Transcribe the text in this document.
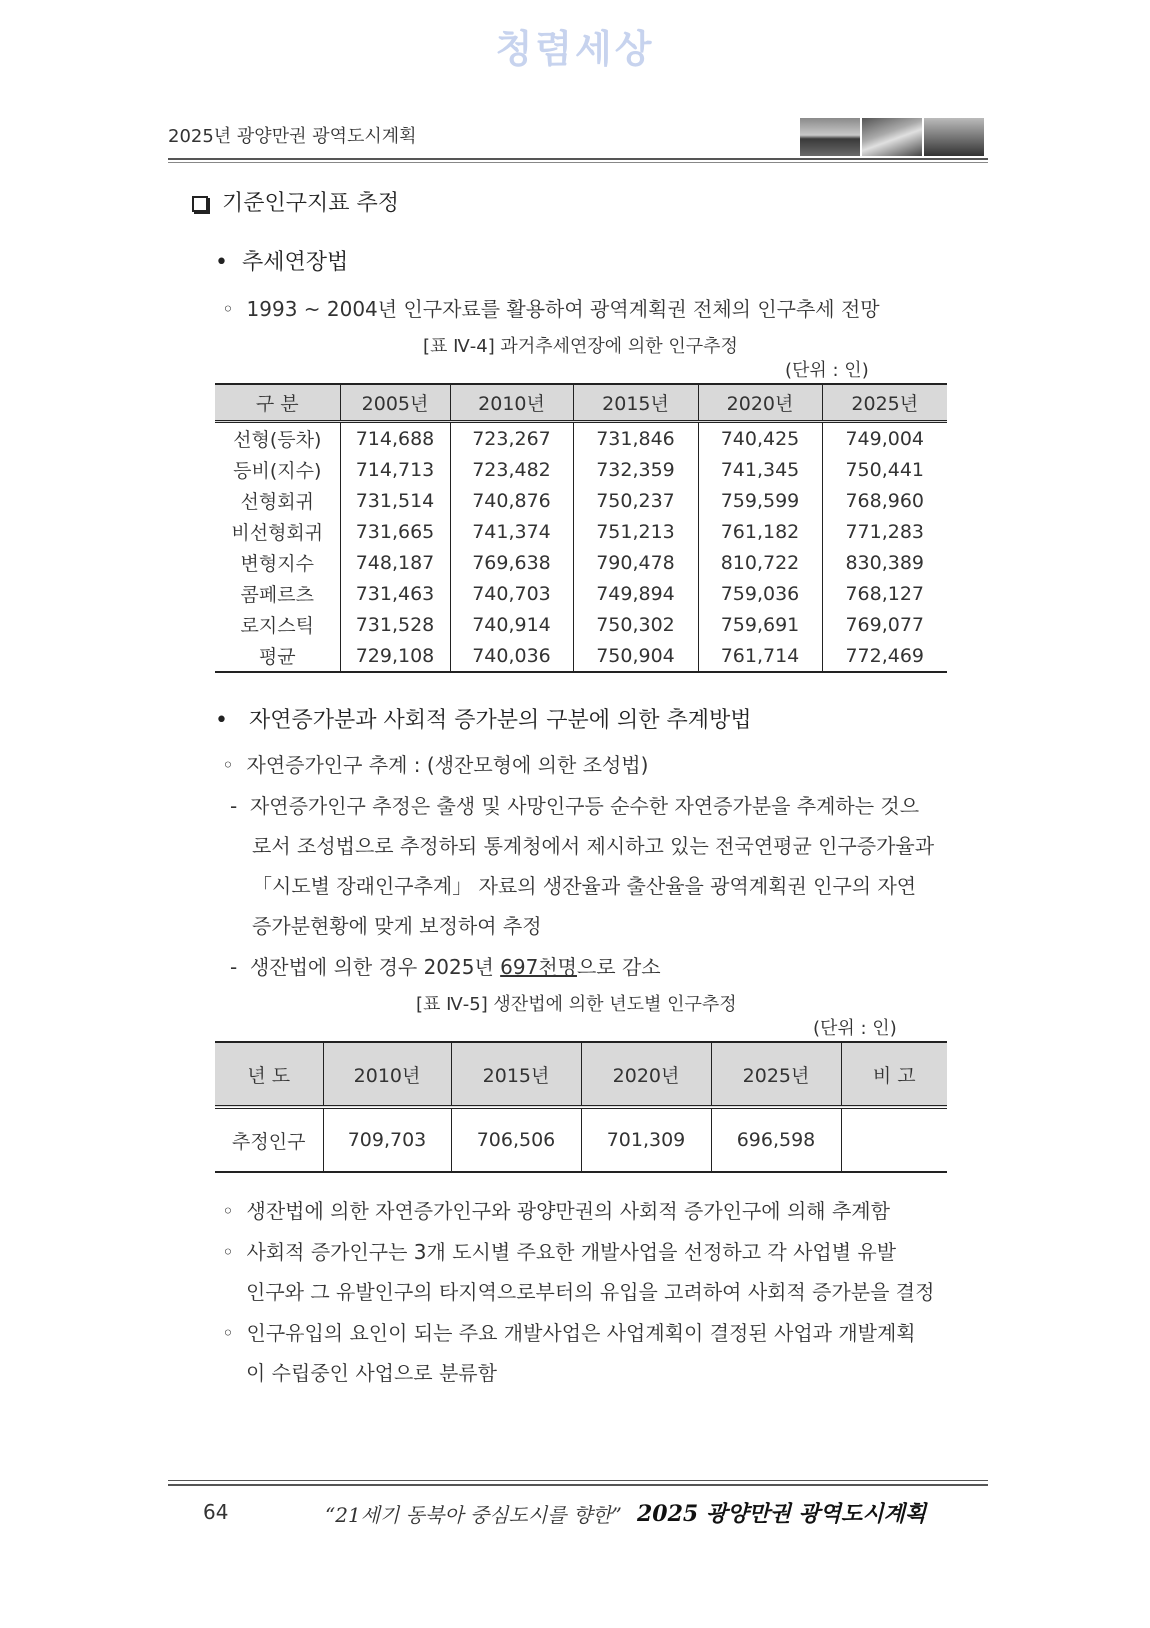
청렴세상
2025년 광양만권 광역도시계획
기준인구지표 추정
• 추세연장법
◦ 1993 ~ 2004년 인구자료를 활용하여 광역계획권 전체의 인구추세 전망
[표 Ⅳ-4] 과거추세연장에 의한 인구추정
(단위 : 인)
구 분	2005년	2010년	2015년	2020년	2025년
선형(등차)	714,688	723,267	731,846	740,425	749,004
등비(지수)	714,713	723,482	732,359	741,345	750,441
선형회귀	731,514	740,876	750,237	759,599	768,960
비선형회귀	731,665	741,374	751,213	761,182	771,283
변형지수	748,187	769,638	790,478	810,722	830,389
콤페르츠	731,463	740,703	749,894	759,036	768,127
로지스틱	731,528	740,914	750,302	759,691	769,077
평균	729,108	740,036	750,904	761,714	772,469
• 자연증가분과 사회적 증가분의 구분에 의한 추계방법
◦ 자연증가인구 추계 : (생잔모형에 의한 조성법)
- 자연증가인구 추정은 출생 및 사망인구등 순수한 자연증가분을 추계하는 것으
로서 조성법으로 추정하되 통계청에서 제시하고 있는 전국연평균 인구증가율과
「시도별 장래인구추계」 자료의 생잔율과 출산율을 광역계획권 인구의 자연
증가분현황에 맞게 보정하여 추정
- 생잔법에 의한 경우 2025년 697천명으로 감소
[표 Ⅳ-5] 생잔법에 의한 년도별 인구추정
(단위 : 인)
년 도	2010년	2015년	2020년	2025년	비 고
추정인구	709,703	706,506	701,309	696,598	
◦ 생잔법에 의한 자연증가인구와 광양만권의 사회적 증가인구에 의해 추계함
◦ 사회적 증가인구는 3개 도시별 주요한 개발사업을 선정하고 각 사업별 유발
인구와 그 유발인구의 타지역으로부터의 유입을 고려하여 사회적 증가분을 결정
◦ 인구유입의 요인이 되는 주요 개발사업은 사업계획이 결정된 사업과 개발계획
이 수립중인 사업으로 분류함
64	“21세기 동북아 중심도시를 향한” 2025 광양만권 광역도시계획
